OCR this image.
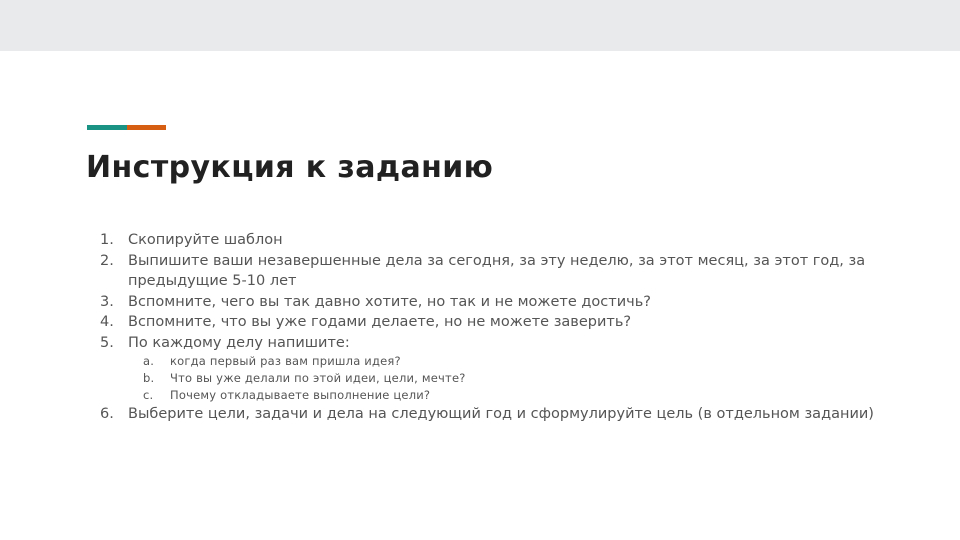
Инструкция к заданию
1. Скопируйте шаблон
2. Выпишите ваши незавершенные дела за сегодня, за эту неделю, за этот месяц, за этот год, за предыдущие 5-10 лет
3. Вспомните, чего вы так давно хотите, но так и не можете достичь?
4. Вспомните, что вы уже годами делаете, но не можете заверить?
5. По каждому делу напишите:
a. когда первый раз вам пришла идея?
b. Что вы уже делали по этой идеи, цели, мечте?
c. Почему откладываете выполнение цели?
6. Выберите цели, задачи и дела на следующий год и сформулируйте цель (в отдельном задании)
